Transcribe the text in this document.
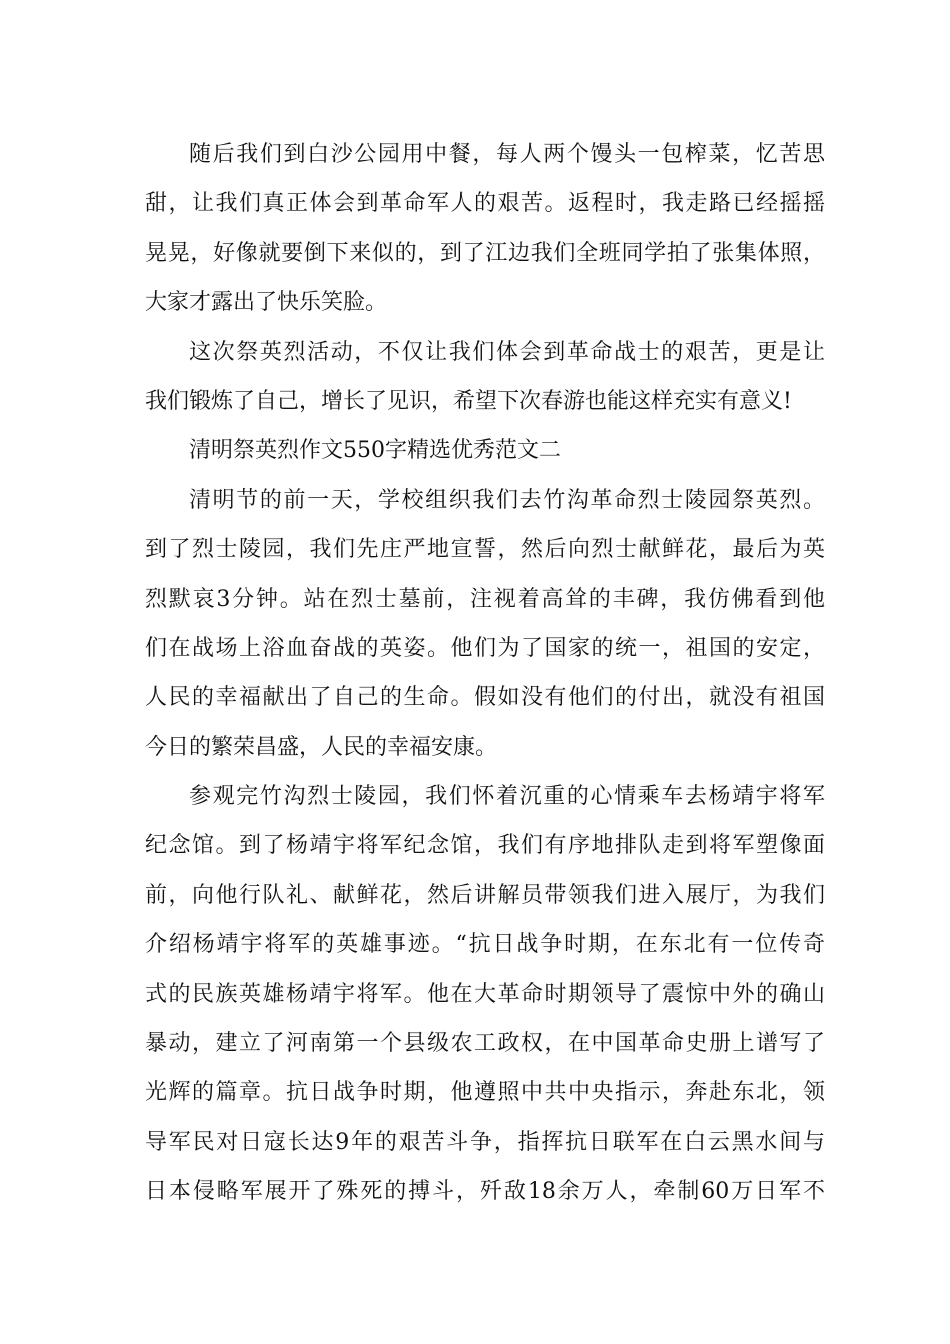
随后我们到白沙公园用中餐，每人两个馒头一包榨菜，忆苦思

甜，让我们真正体会到革命军人的艰苦。返程时，我走路已经摇摇

晃晃，好像就要倒下来似的，到了江边我们全班同学拍了张集体照，

大家才露出了快乐笑脸。

这次祭英烈活动，不仅让我们体会到革命战士的艰苦，更是让

我们锻炼了自己，增长了见识，希望下次春游也能这样充实有意义!

清明祭英烈作文550字精选优秀范文二

清明节的前一天，学校组织我们去竹沟革命烈士陵园祭英烈。

到了烈士陵园，我们先庄严地宣誓，然后向烈士献鲜花，最后为英

烈默哀3分钟。站在烈士墓前，注视着高耸的丰碑，我仿佛看到他

们在战场上浴血奋战的英姿。他们为了国家的统一，祖国的安定，

人民的幸福献出了自己的生命。假如没有他们的付出，就没有祖国

今日的繁荣昌盛，人民的幸福安康。

参观完竹沟烈士陵园，我们怀着沉重的心情乘车去杨靖宇将军

纪念馆。到了杨靖宇将军纪念馆，我们有序地排队走到将军塑像面

前，向他行队礼、献鲜花，然后讲解员带领我们进入展厅，为我们

介绍杨靖宇将军的英雄事迹。“抗日战争时期，在东北有一位传奇

式的民族英雄杨靖宇将军。他在大革命时期领导了震惊中外的确山

暴动，建立了河南第一个县级农工政权，在中国革命史册上谱写了

光辉的篇章。抗日战争时期，他遵照中共中央指示，奔赴东北，领

导军民对日寇长达9年的艰苦斗争，指挥抗日联军在白云黑水间与

日本侵略军展开了殊死的搏斗，歼敌18余万人，牵制60万日军不
